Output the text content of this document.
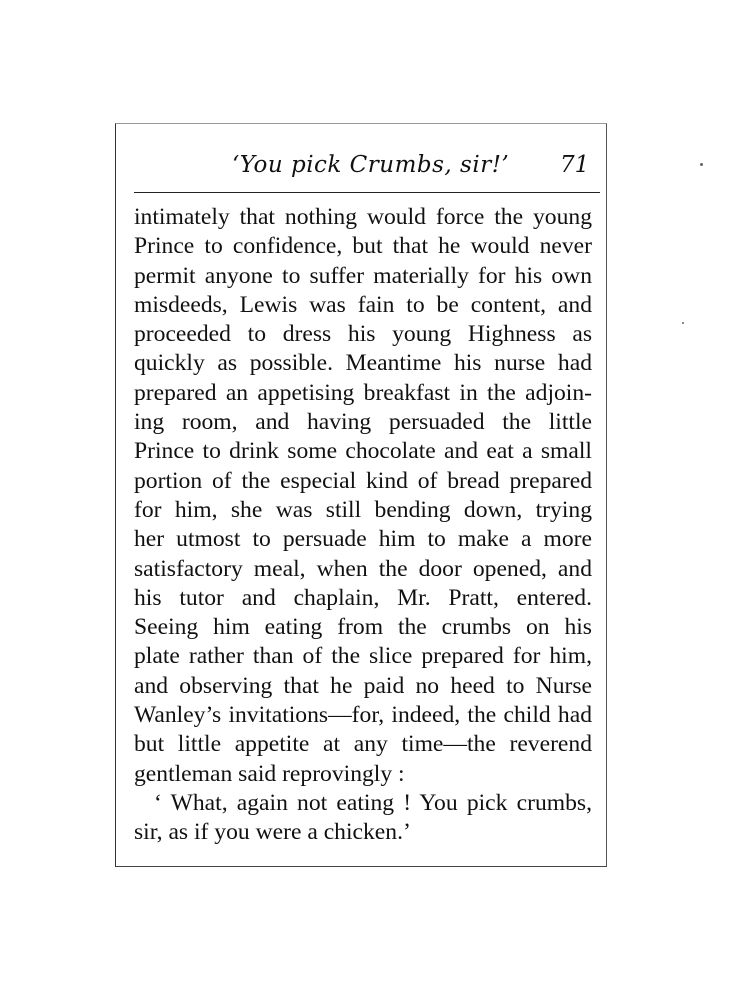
‘You pick Crumbs, sir!’ 71
intimately that nothing would force the young
Prince to confidence, but that he would never
permit anyone to suffer materially for his own
misdeeds, Lewis was fain to be content, and
proceeded to dress his young Highness as
quickly as possible. Meantime his nurse had
prepared an appetising breakfast in the adjoin-
ing room, and having persuaded the little
Prince to drink some chocolate and eat a small
portion of the especial kind of bread prepared
for him, she was still bending down, trying
her utmost to persuade him to make a more
satisfactory meal, when the door opened, and
his tutor and chaplain, Mr. Pratt, entered.
Seeing him eating from the crumbs on his
plate rather than of the slice prepared for him,
and observing that he paid no heed to Nurse
Wanley’s invitations—for, indeed, the child had
but little appetite at any time—the reverend
gentleman said reprovingly :
‘ What, again not eating ! You pick crumbs,
sir, as if you were a chicken.’
